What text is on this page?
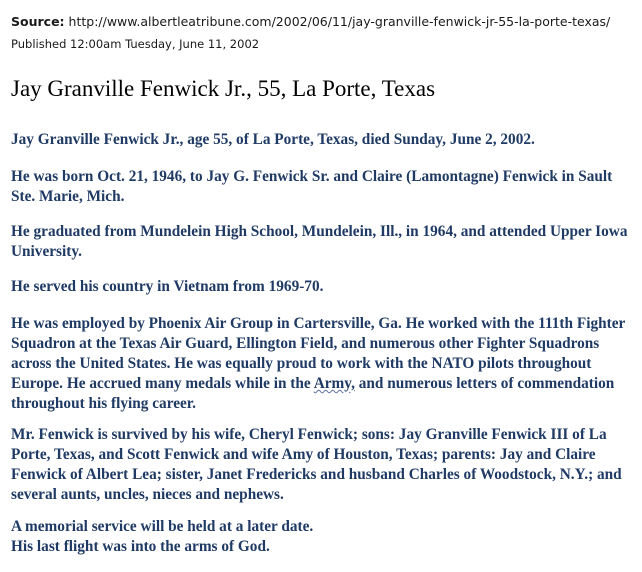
Source: http://www.albertleatribune.com/2002/06/11/jay-granville-fenwick-jr-55-la-porte-texas/
Published 12:00am Tuesday, June 11, 2002
Jay Granville Fenwick Jr., 55, La Porte, Texas

Jay Granville Fenwick Jr., age 55, of La Porte, Texas, died Sunday, June 2, 2002.

He was born Oct. 21, 1946, to Jay G. Fenwick Sr. and Claire (Lamontagne) Fenwick in Sault Ste. Marie, Mich.

He graduated from Mundelein High School, Mundelein, Ill., in 1964, and attended Upper Iowa University.

He served his country in Vietnam from 1969-70.

He was employed by Phoenix Air Group in Cartersville, Ga. He worked with the 111th Fighter Squadron at the Texas Air Guard, Ellington Field, and numerous other Fighter Squadrons across the United States. He was equally proud to work with the NATO pilots throughout Europe. He accrued many medals while in the Army, and numerous letters of commendation throughout his flying career.

Mr. Fenwick is survived by his wife, Cheryl Fenwick; sons: Jay Granville Fenwick III of La Porte, Texas, and Scott Fenwick and wife Amy of Houston, Texas; parents: Jay and Claire Fenwick of Albert Lea; sister, Janet Fredericks and husband Charles of Woodstock, N.Y.; and several aunts, uncles, nieces and nephews.

A memorial service will be held at a later date.
His last flight was into the arms of God.
